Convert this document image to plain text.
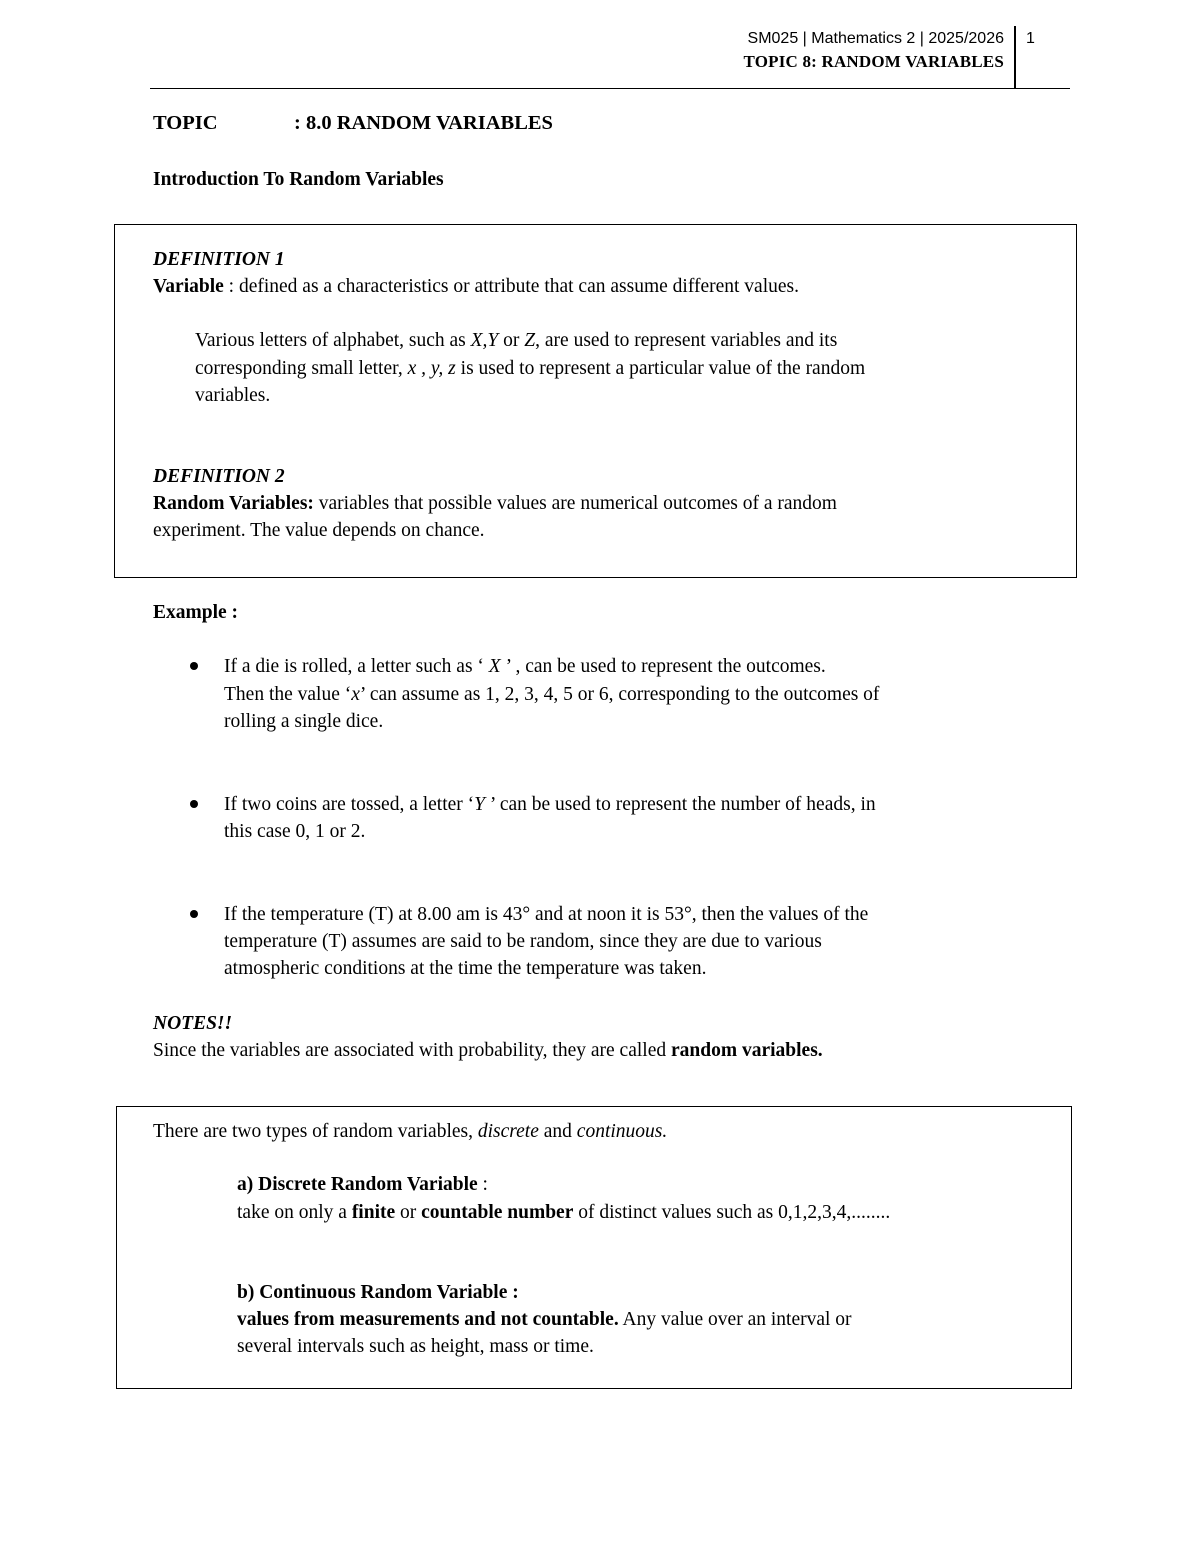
SM025 | Mathematics 2 | 2025/2026
TOPIC 8: RANDOM VARIABLES
1
TOPIC	: 8.0 RANDOM VARIABLES
Introduction To Random Variables
DEFINITION 1
Variable : defined as a characteristics or attribute that can assume different values.
Various letters of alphabet, such as X,Y or Z, are used to represent variables and its
corresponding small letter, x , y, z is used to represent a particular value of the random
variables.
DEFINITION 2
Random Variables: variables that possible values are numerical outcomes of a random
experiment. The value depends on chance.
Example :
If a die is rolled, a letter such as ‘ X ’ , can be used to represent the outcomes.
Then the value ‘x’ can assume as 1, 2, 3, 4, 5 or 6, corresponding to the outcomes of
rolling a single dice.
If two coins are tossed, a letter ‘Y ’ can be used to represent the number of heads, in
this case 0, 1 or 2.
If the temperature (T) at 8.00 am is 43° and at noon it is 53°, then the values of the
temperature (T) assumes are said to be random, since they are due to various
atmospheric conditions at the time the temperature was taken.
NOTES!!
Since the variables are associated with probability, they are called random variables.
There are two types of random variables, discrete and continuous.
a) Discrete Random Variable :
take on only a finite or countable number of distinct values such as 0,1,2,3,4,........
b) Continuous Random Variable :
values from measurements and not countable. Any value over an interval or
several intervals such as height, mass or time.
